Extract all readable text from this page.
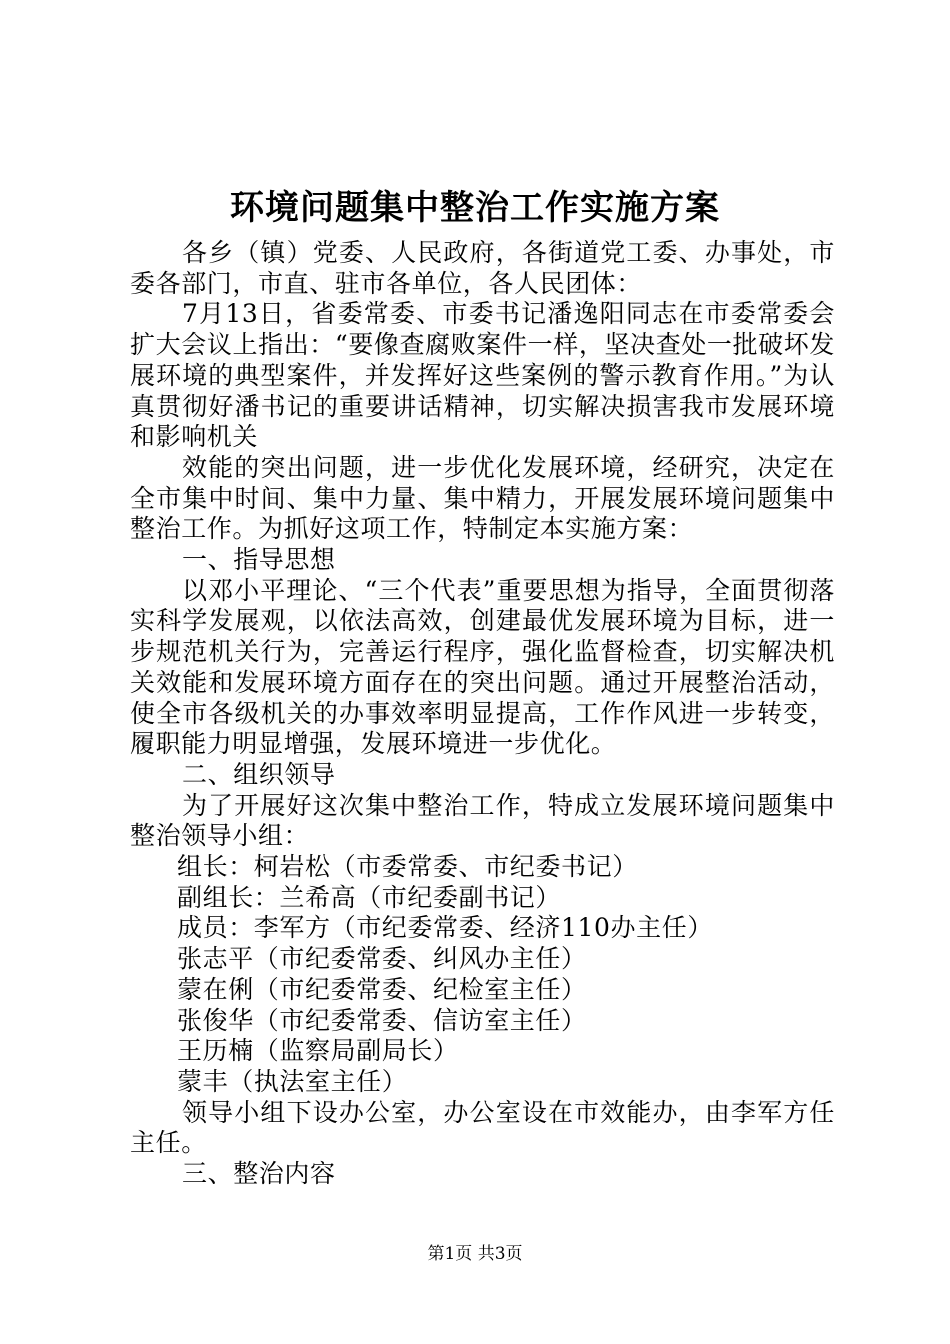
环境问题集中整治工作实施方案

各乡（镇）党委、人民政府，各街道党工委、办事处，市委各部门，市直、驻市各单位，各人民团体：

7月13日，省委常委、市委书记潘逸阳同志在市委常委会扩大会议上指出：“要像查腐败案件一样，坚决查处一批破坏发展环境的典型案件，并发挥好这些案例的警示教育作用。”为认真贯彻好潘书记的重要讲话精神，切实解决损害我市发展环境和影响机关

效能的突出问题，进一步优化发展环境，经研究，决定在全市集中时间、集中力量、集中精力，开展发展环境问题集中整治工作。为抓好这项工作，特制定本实施方案：

一、指导思想

以邓小平理论、“三个代表”重要思想为指导，全面贯彻落实科学发展观，以依法高效，创建最优发展环境为目标，进一步规范机关行为，完善运行程序，强化监督检查，切实解决机关效能和发展环境方面存在的突出问题。通过开展整治活动，使全市各级机关的办事效率明显提高，工作作风进一步转变，履职能力明显增强，发展环境进一步优化。

二、组织领导

为了开展好这次集中整治工作，特成立发展环境问题集中整治领导小组：

组长：柯岩松（市委常委、市纪委书记）

副组长：兰希高（市纪委副书记）

成员：李军方（市纪委常委、经济110办主任）

张志平（市纪委常委、纠风办主任）

蒙在俐（市纪委常委、纪检室主任）

张俊华（市纪委常委、信访室主任）

王历楠（监察局副局长）

蒙丰（执法室主任）

领导小组下设办公室，办公室设在市效能办，由李军方任主任。

三、整治内容

第1页 共3页
